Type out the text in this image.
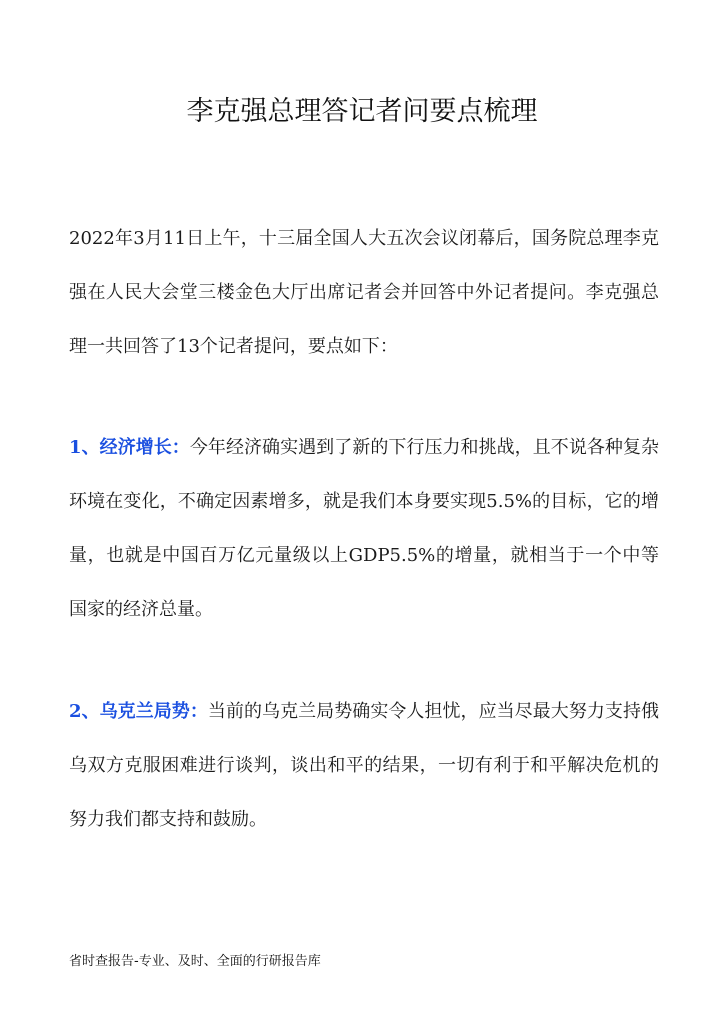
李克强总理答记者问要点梳理

2022年3月11日上午，十三届全国人大五次会议闭幕后，国务院总理李克强在人民大会堂三楼金色大厅出席记者会并回答中外记者提问。李克强总理一共回答了13个记者提问，要点如下：

1、经济增长：今年经济确实遇到了新的下行压力和挑战，且不说各种复杂环境在变化，不确定因素增多，就是我们本身要实现5.5%的目标，它的增量，也就是中国百万亿元量级以上GDP5.5%的增量，就相当于一个中等国家的经济总量。

2、乌克兰局势：当前的乌克兰局势确实令人担忧，应当尽最大努力支持俄乌双方克服困难进行谈判，谈出和平的结果，一切有利于和平解决危机的努力我们都支持和鼓励。

省时查报告-专业、及时、全面的行研报告库
